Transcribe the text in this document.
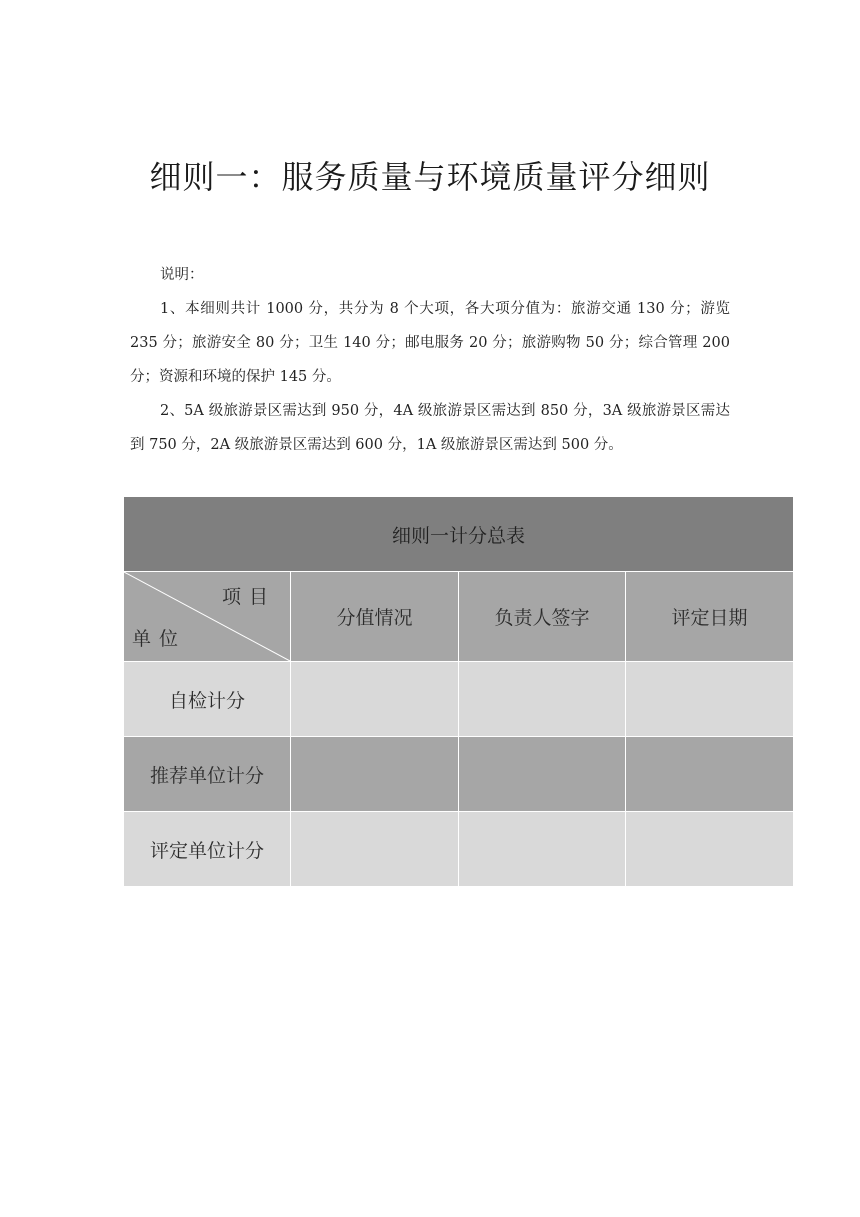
细则一：服务质量与环境质量评分细则

说明：

1、本细则共计 1000 分，共分为 8 个大项，各大项分值为：旅游交通 130 分；游览 235 分；旅游安全 80 分；卫生 140 分；邮电服务 20 分；旅游购物 50 分；综合管理 200 分；资源和环境的保护 145 分。

2、5A 级旅游景区需达到 950 分，4A 级旅游景区需达到 850 分，3A 级旅游景区需达到 750 分，2A 级旅游景区需达到 600 分，1A 级旅游景区需达到 500 分。

细则一计分总表			

项目
单位	分值情况	负责人签字	评定日期
自检计分			
推荐单位计分			
评定单位计分			
